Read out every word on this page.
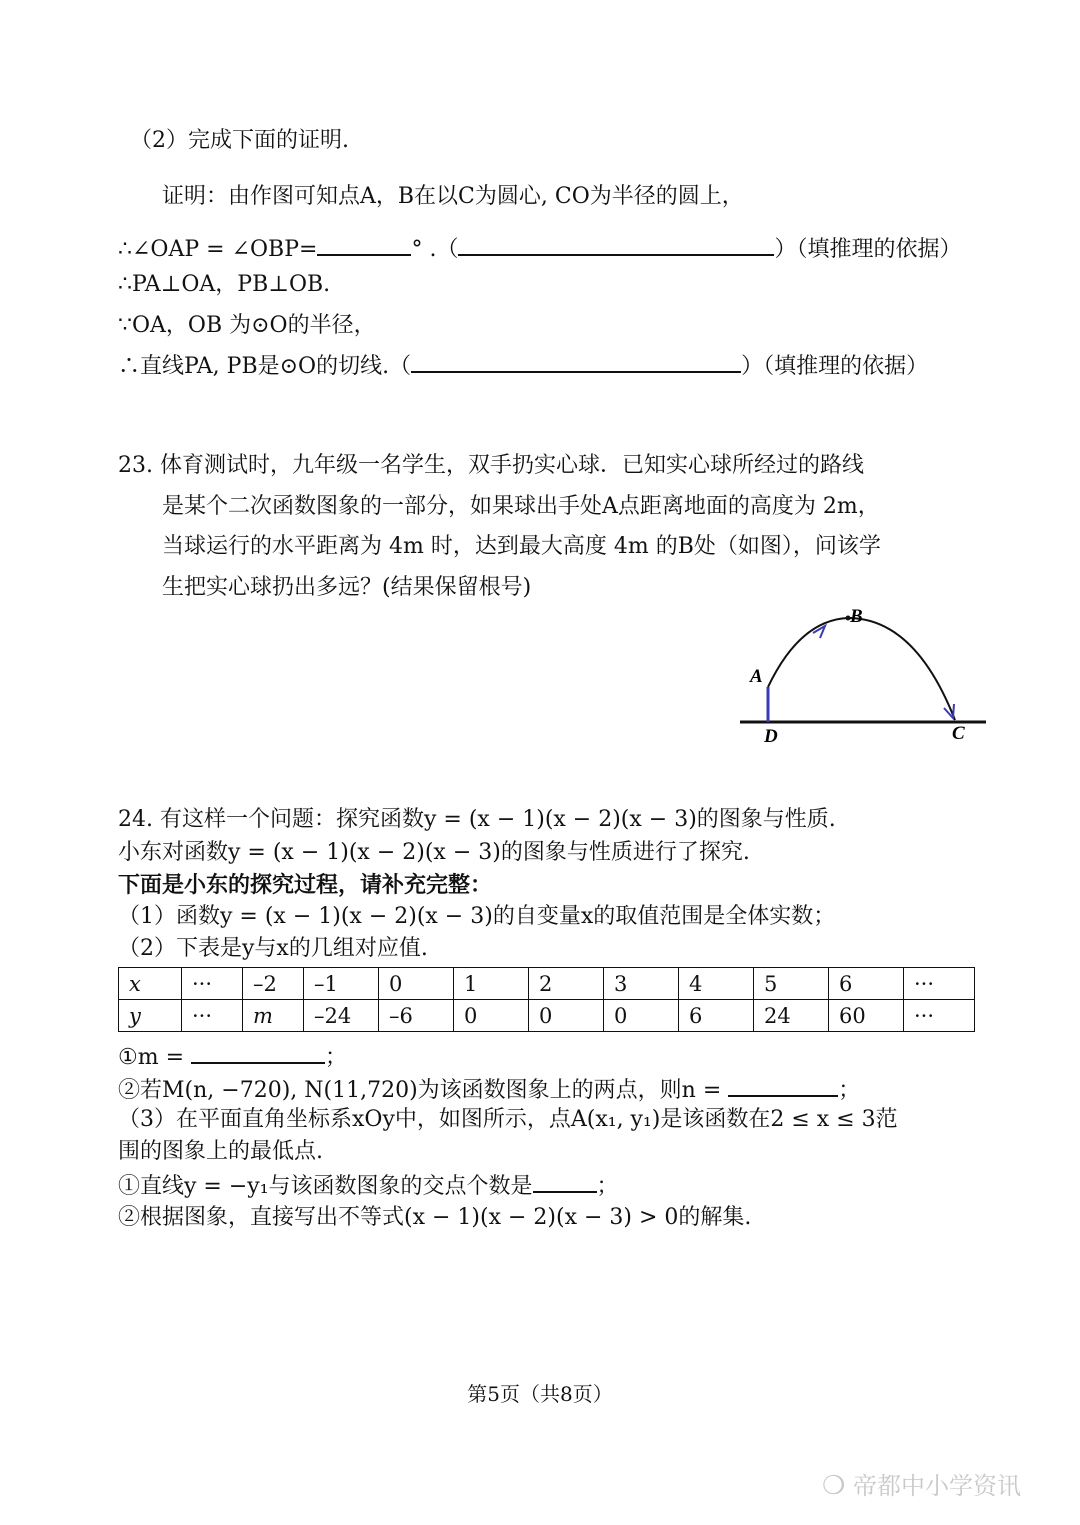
（2）完成下面的证明.
证明：由作图可知点A，B在以C为圆心, CO为半径的圆上，
∴∠OAP = ∠OBP=	° .（	）（填推理的依据）
∴PA⊥OA，PB⊥OB.
∵OA，OB 为⊙O的半径，
∴直线PA, PB是⊙O的切线.（	）（填推理的依据）
23. 体育测试时，九年级一名学生，双手扔实心球．已知实心球所经过的路线
是某个二次函数图象的一部分，如果球出手处A点距离地面的高度为 2m，
当球运行的水平距离为 4m 时，达到最大高度 4m 的B处（如图），问该学
生把实心球扔出多远？(结果保留根号)
B
A
D	C
24. 有这样一个问题：探究函数y = (x − 1)(x − 2)(x − 3)的图象与性质.
小东对函数y = (x − 1)(x − 2)(x − 3)的图象与性质进行了探究.
下面是小东的探究过程，请补充完整：
（1）函数y = (x − 1)(x − 2)(x − 3)的自变量x的取值范围是全体实数；
（2）下表是y与x的几组对应值.
x	···	–2	–1	0	1	2	3	4	5	6	···
y	···	m	–24	–6	0	0	0	6	24	60	···
①m =	；
②若M(n, −720), N(11,720)为该函数图象上的两点，则n =	；
（3）在平面直角坐标系xOy中，如图所示，点A(x₁, y₁)是该函数在2 ≤ x ≤ 3范
围的图象上的最低点.
①直线y = −y₁与该函数图象的交点个数是	；
②根据图象，直接写出不等式(x − 1)(x − 2)(x − 3) > 0的解集.
第5页（共8页）
❍ 帝都中小学资讯
